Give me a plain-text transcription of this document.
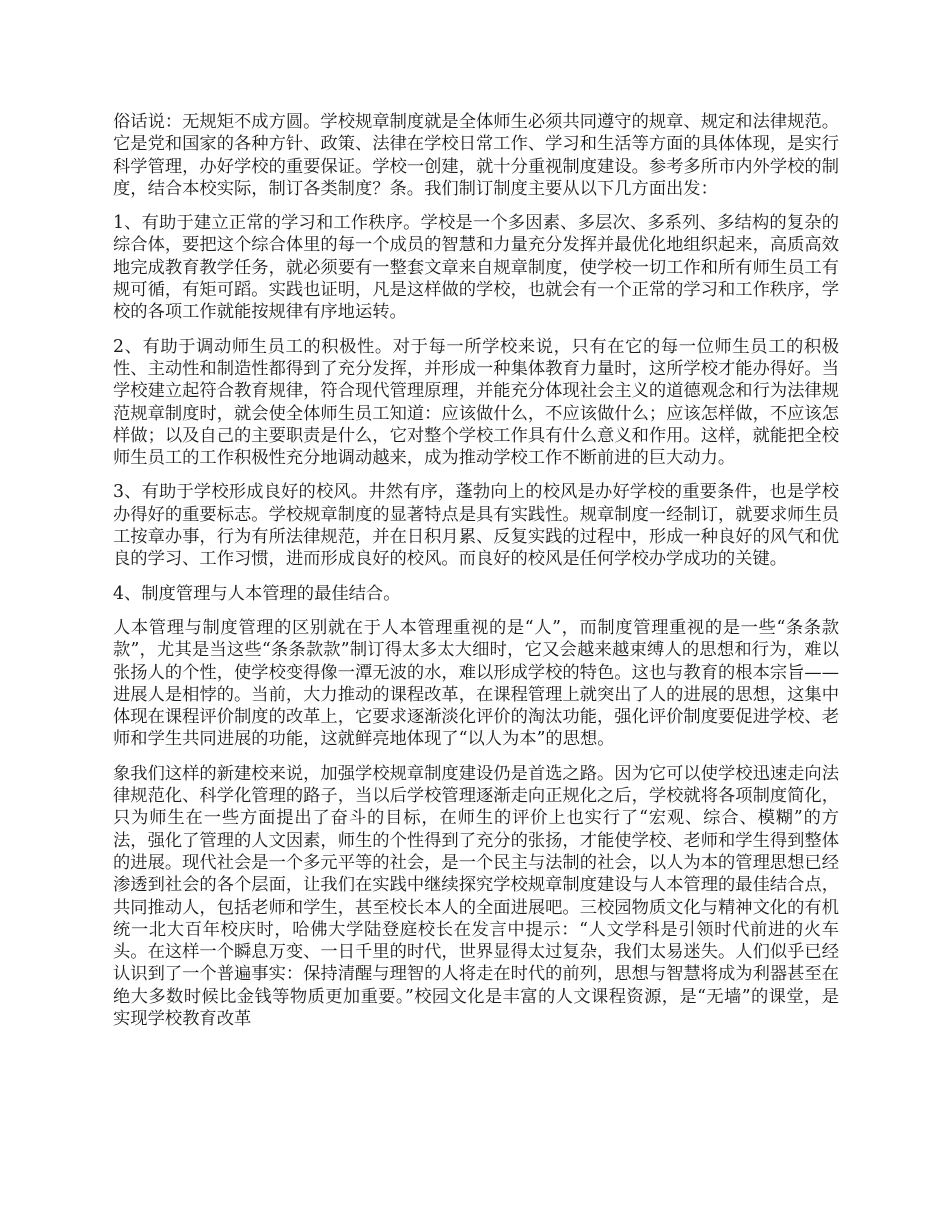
俗话说：无规矩不成方圆。学校规章制度就是全体师生必须共同遵守的规章、规定和法律规范。它是党和国家的各种方针、政策、法律在学校日常工作、学习和生活等方面的具体体现，是实行科学管理，办好学校的重要保证。学校一创建，就十分重视制度建设。参考多所市内外学校的制度，结合本校实际，制订各类制度？条。我们制订制度主要从以下几方面出发：

1、有助于建立正常的学习和工作秩序。学校是一个多因素、多层次、多系列、多结构的复杂的综合体，要把这个综合体里的每一个成员的智慧和力量充分发挥并最优化地组织起来，高质高效地完成教育教学任务，就必须要有一整套文章来自规章制度，使学校一切工作和所有师生员工有规可循，有矩可蹈。实践也证明，凡是这样做的学校，也就会有一个正常的学习和工作秩序，学校的各项工作就能按规律有序地运转。

2、有助于调动师生员工的积极性。对于每一所学校来说，只有在它的每一位师生员工的积极性、主动性和制造性都得到了充分发挥，并形成一种集体教育力量时，这所学校才能办得好。当学校建立起符合教育规律，符合现代管理原理，并能充分体现社会主义的道德观念和行为法律规范规章制度时，就会使全体师生员工知道：应该做什么，不应该做什么；应该怎样做，不应该怎样做；以及自己的主要职责是什么，它对整个学校工作具有什么意义和作用。这样，就能把全校师生员工的工作积极性充分地调动越来，成为推动学校工作不断前进的巨大动力。

3、有助于学校形成良好的校风。井然有序，蓬勃向上的校风是办好学校的重要条件，也是学校办得好的重要标志。学校规章制度的显著特点是具有实践性。规章制度一经制订，就要求师生员工按章办事，行为有所法律规范，并在日积月累、反复实践的过程中，形成一种良好的风气和优良的学习、工作习惯，进而形成良好的校风。而良好的校风是任何学校办学成功的关键。

4、制度管理与人本管理的最佳结合。

人本管理与制度管理的区别就在于人本管理重视的是“人”，而制度管理重视的是一些“条条款款”，尤其是当这些“条条款款”制订得太多太大细时，它又会越来越束缚人的思想和行为，难以张扬人的个性，使学校变得像一潭无波的水，难以形成学校的特色。这也与教育的根本宗旨——进展人是相悖的。当前，大力推动的课程改革，在课程管理上就突出了人的进展的思想，这集中体现在课程评价制度的改革上，它要求逐渐淡化评价的淘汰功能，强化评价制度要促进学校、老师和学生共同进展的功能，这就鲜亮地体现了“以人为本”的思想。

象我们这样的新建校来说，加强学校规章制度建设仍是首选之路。因为它可以使学校迅速走向法律规范化、科学化管理的路子，当以后学校管理逐渐走向正规化之后，学校就将各项制度简化，只为师生在一些方面提出了奋斗的目标，在师生的评价上也实行了“宏观、综合、模糊”的方法，强化了管理的人文因素，师生的个性得到了充分的张扬，才能使学校、老师和学生得到整体的进展。现代社会是一个多元平等的社会，是一个民主与法制的社会，以人为本的管理思想已经渗透到社会的各个层面，让我们在实践中继续探究学校规章制度建设与人本管理的最佳结合点，共同推动人，包括老师和学生，甚至校长本人的全面进展吧。三校园物质文化与精神文化的有机统一北大百年校庆时，哈佛大学陆登庭校长在发言中提示：“人文学科是引领时代前进的火车头。在这样一个瞬息万变、一日千里的时代，世界显得太过复杂，我们太易迷失。人们似乎已经认识到了一个普遍事实：保持清醒与理智的人将走在时代的前列，思想与智慧将成为利器甚至在绝大多数时候比金钱等物质更加重要。”校园文化是丰富的人文课程资源，是“无墙”的课堂，是实现学校教育改革
